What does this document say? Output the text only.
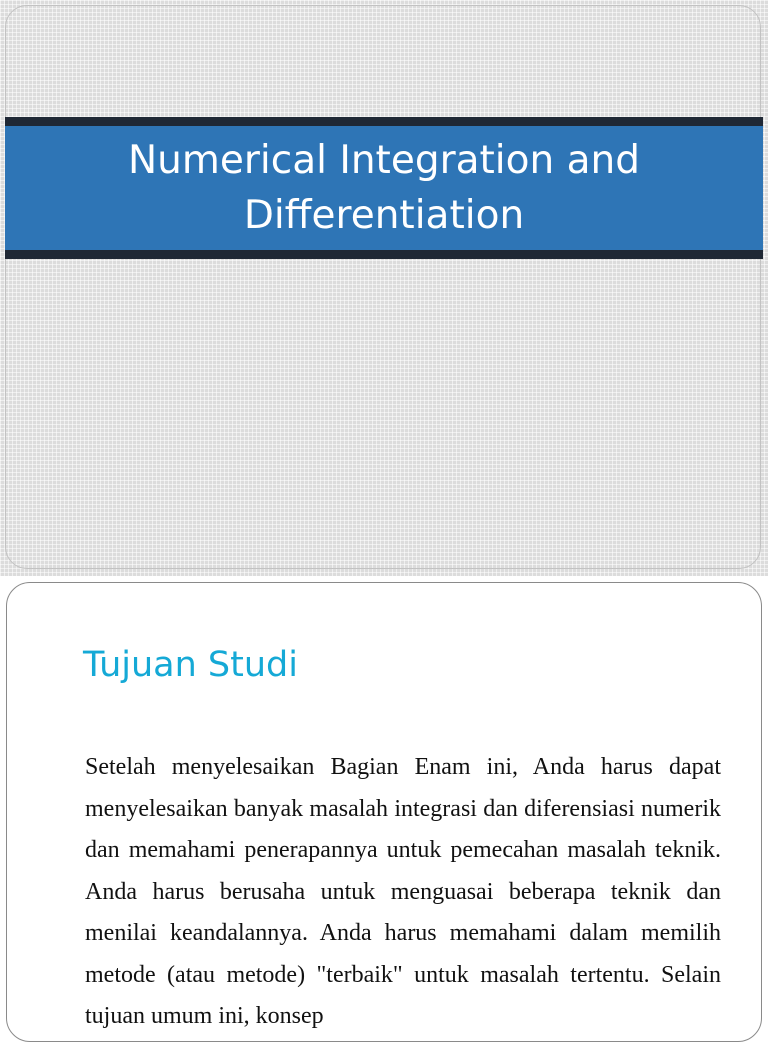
Numerical Integration and Differentiation
Tujuan Studi

Setelah menyelesaikan Bagian Enam ini, Anda harus dapat menyelesaikan banyak masalah integrasi dan diferensiasi numerik dan memahami penerapannya untuk pemecahan masalah teknik. Anda harus berusaha untuk menguasai beberapa teknik dan menilai keandalannya. Anda harus memahami dalam memilih metode (atau metode) "terbaik" untuk masalah tertentu. Selain tujuan umum ini, konsep
